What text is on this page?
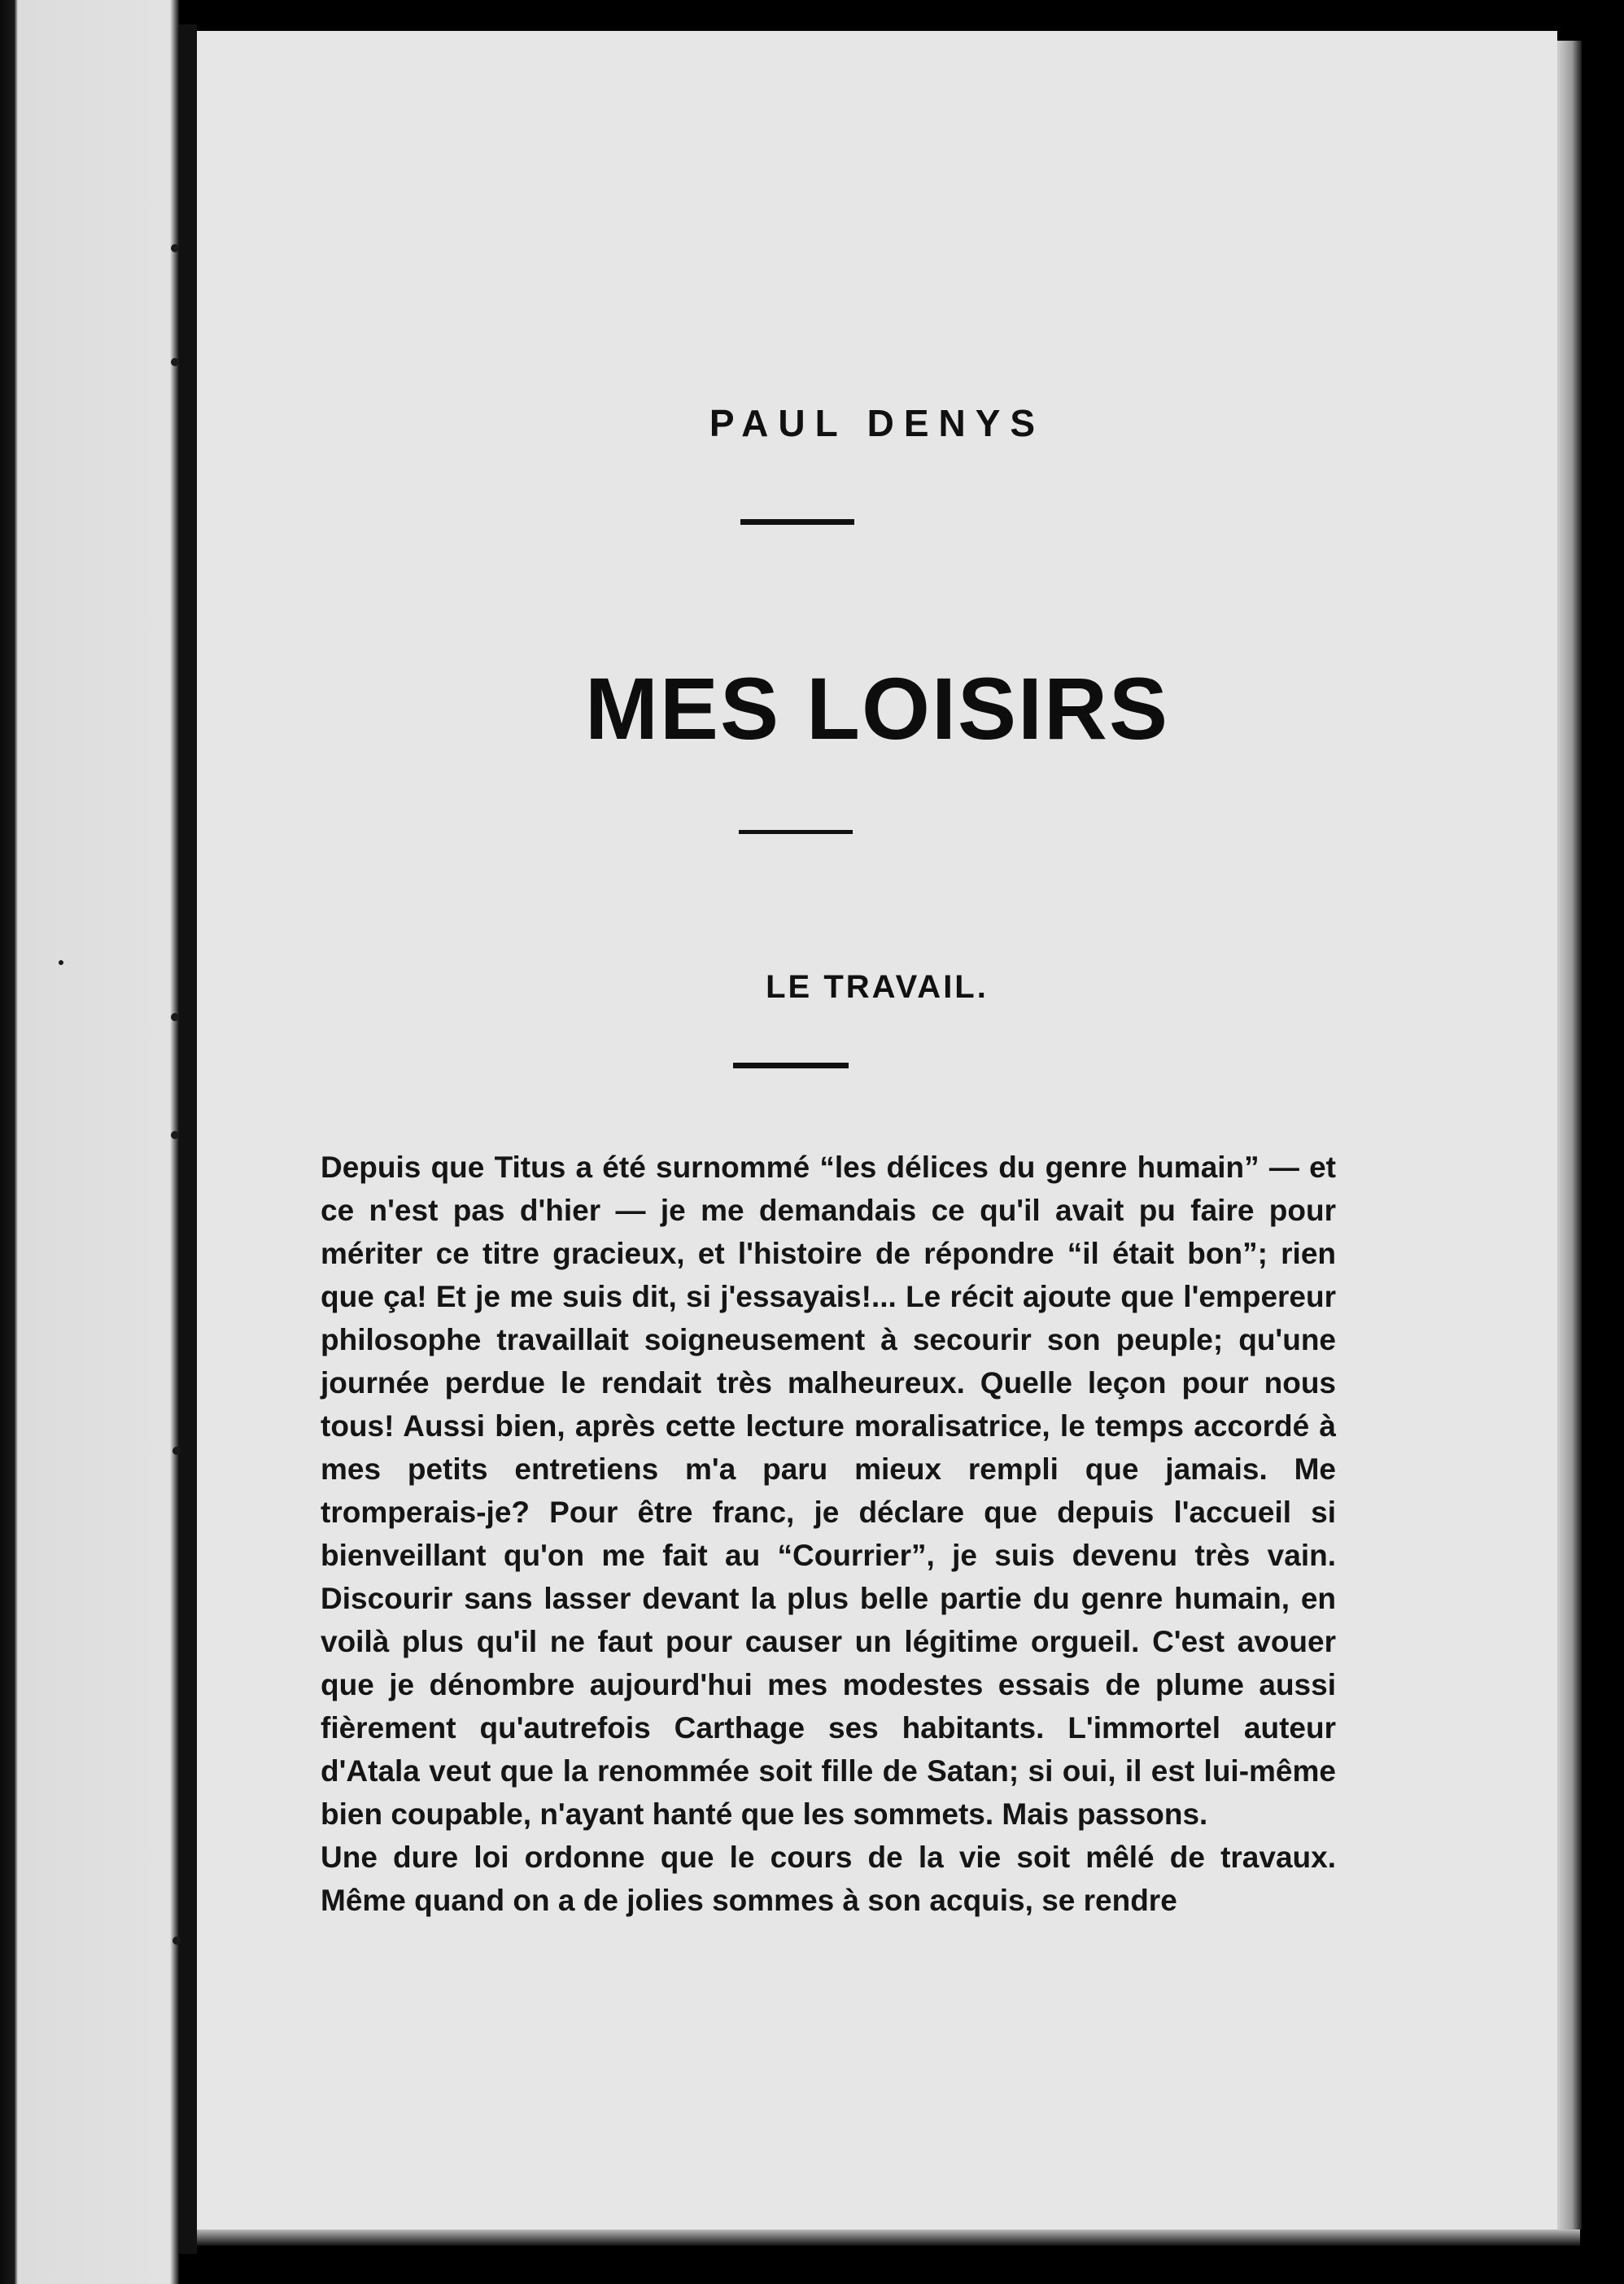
PAUL DENYS
MES LOISIRS
LE TRAVAIL.

Depuis que Titus a été surnommé “les délices du genre humain” — et ce n'est pas d'hier — je me demandais ce qu'il avait pu faire pour mériter ce titre gracieux, et l'histoire de répondre “il était bon”; rien que ça! Et je me suis dit, si j'essayais!... Le récit ajoute que l'empereur philosophe travaillait soigneusement à secourir son peuple; qu'une journée perdue le rendait très malheureux. Quelle leçon pour nous tous! Aussi bien, après cette lecture moralisatrice, le temps accordé à mes petits entretiens m'a paru mieux rempli que jamais. Me tromperais-je? Pour être franc, je déclare que depuis l'accueil si bienveillant qu'on me fait au “Courrier”, je suis devenu très vain. Discourir sans lasser devant la plus belle partie du genre humain, en voilà plus qu'il ne faut pour causer un légitime orgueil. C'est avouer que je dénombre aujourd'hui mes modestes essais de plume aussi fièrement qu'autrefois Carthage ses habitants. L'immortel auteur d'Atala veut que la renommée soit fille de Satan; si oui, il est lui-même bien coupable, n'ayant hanté que les sommets. Mais passons.

Une dure loi ordonne que le cours de la vie soit mêlé de travaux. Même quand on a de jolies sommes à son acquis, se rendre
